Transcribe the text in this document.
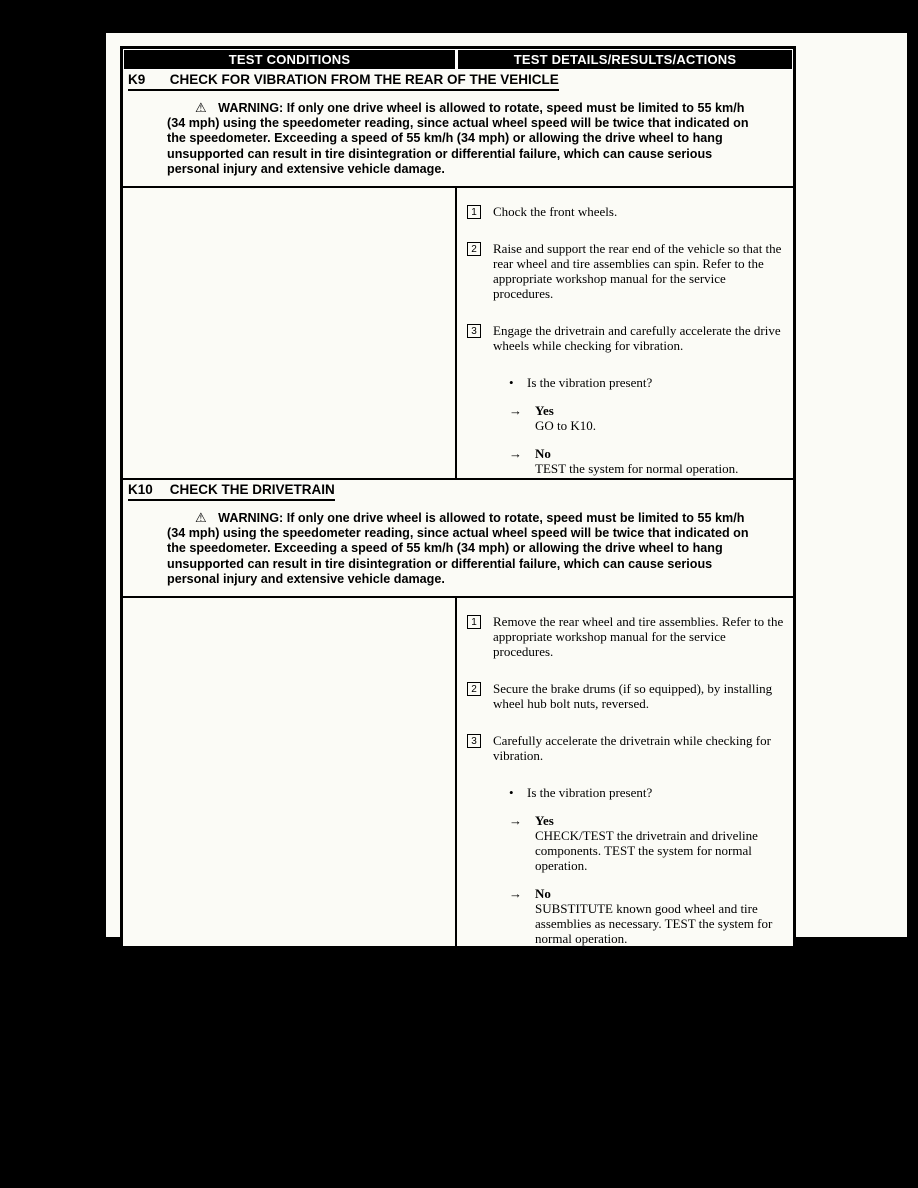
TEST CONDITIONS	TEST DETAILS/RESULTS/ACTIONS
K9 CHECK FOR VIBRATION FROM THE REAR OF THE VEHICLE

⚠ WARNING: If only one drive wheel is allowed to rotate, speed must be limited to 55 km/h (34 mph) using the speedometer reading, since actual wheel speed will be twice that indicated on the speedometer. Exceeding a speed of 55 km/h (34 mph) or allowing the drive wheel to hang unsupported can result in tire disintegration or differential failure, which can cause serious personal injury and extensive vehicle damage.

1	Chock the front wheels.
2	Raise and support the rear end of the vehicle so that the rear wheel and tire assemblies can spin. Refer to the appropriate workshop manual for the service procedures.
3	Engage the drivetrain and carefully accelerate the drive wheels while checking for vibration.
•	Is the vibration present?
→	Yes
GO to K10.
→	No
TEST the system for normal operation.
K10 CHECK THE DRIVETRAIN

⚠ WARNING: If only one drive wheel is allowed to rotate, speed must be limited to 55 km/h (34 mph) using the speedometer reading, since actual wheel speed will be twice that indicated on the speedometer. Exceeding a speed of 55 km/h (34 mph) or allowing the drive wheel to hang unsupported can result in tire disintegration or differential failure, which can cause serious personal injury and extensive vehicle damage.

1	Remove the rear wheel and tire assemblies. Refer to the appropriate workshop manual for the service procedures.
2	Secure the brake drums (if so equipped), by installing wheel hub bolt nuts, reversed.
3	Carefully accelerate the drivetrain while checking for vibration.
•	Is the vibration present?
→	Yes
CHECK/TEST the drivetrain and driveline components. TEST the system for normal operation.
→	No
SUBSTITUTE known good wheel and tire assemblies as necessary. TEST the system for normal operation.
